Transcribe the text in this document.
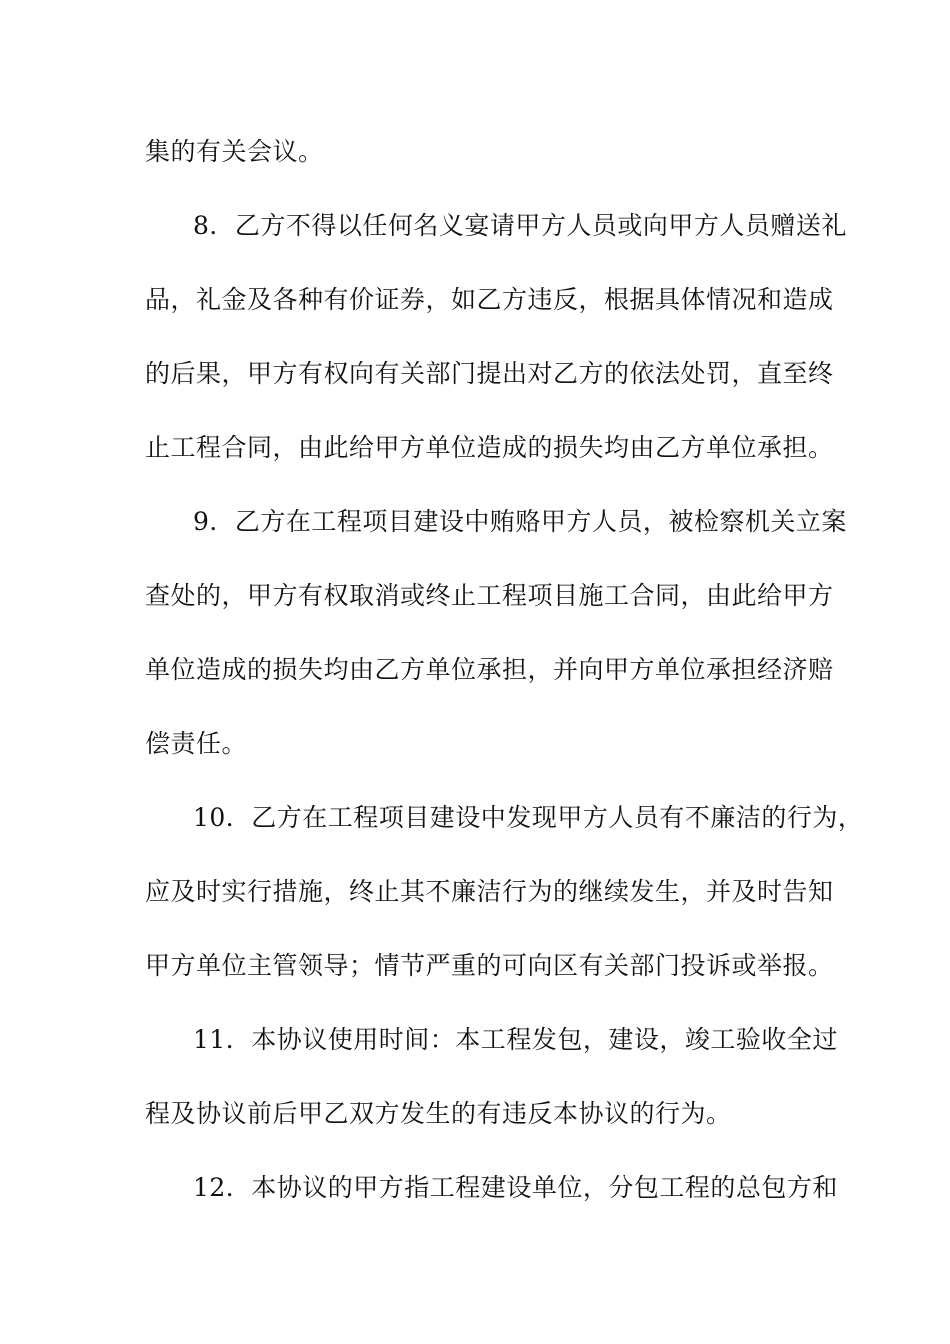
集的有关会议。
8．乙方不得以任何名义宴请甲方人员或向甲方人员赠送礼
品，礼金及各种有价证券，如乙方违反，根据具体情况和造成
的后果，甲方有权向有关部门提出对乙方的依法处罚，直至终
止工程合同，由此给甲方单位造成的损失均由乙方单位承担。
9．乙方在工程项目建设中贿赂甲方人员，被检察机关立案
查处的，甲方有权取消或终止工程项目施工合同，由此给甲方
单位造成的损失均由乙方单位承担，并向甲方单位承担经济赔
偿责任。
10．乙方在工程项目建设中发现甲方人员有不廉洁的行为，
应及时实行措施，终止其不廉洁行为的继续发生，并及时告知
甲方单位主管领导；情节严重的可向区有关部门投诉或举报。
11．本协议使用时间：本工程发包，建设，竣工验收全过
程及协议前后甲乙双方发生的有违反本协议的行为。
12．本协议的甲方指工程建设单位，分包工程的总包方和
